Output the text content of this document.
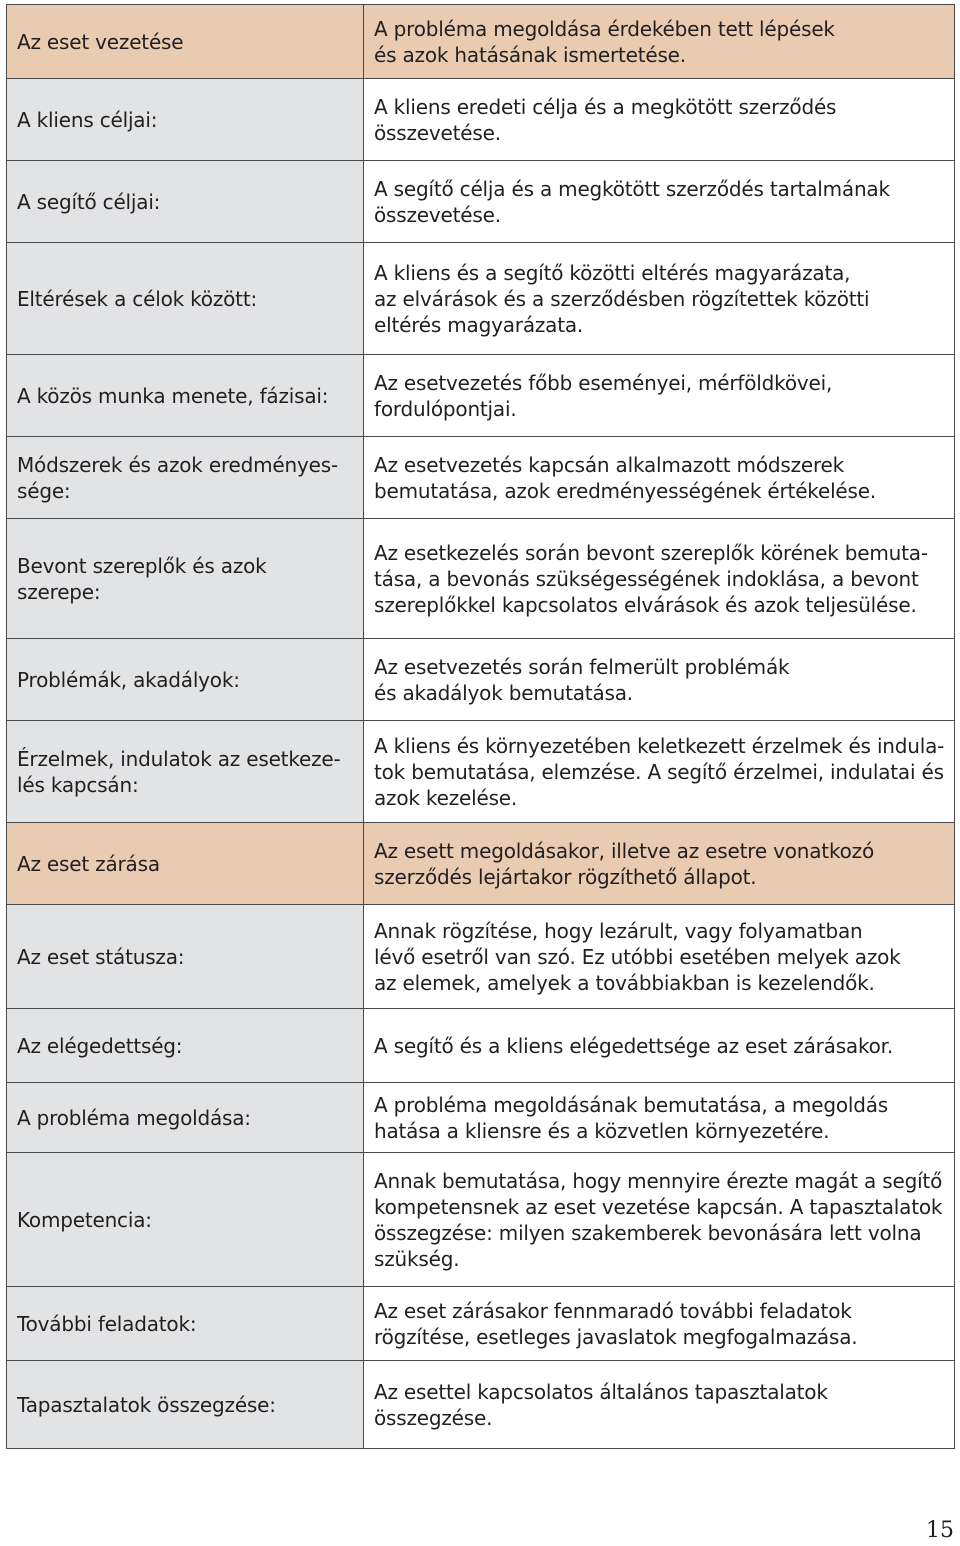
Az eset vezetése	A probléma megoldása érdekében tett lépések
és azok hatásának ismertetése.
A kliens céljai:	A kliens eredeti célja és a megkötött szerződés
összevetése.
A segítő céljai:	A segítő célja és a megkötött szerződés tartalmának
összevetése.
Eltérések a célok között:	A kliens és a segítő közötti eltérés magyarázata,
az elvárások és a szerződésben rögzítettek közötti
eltérés magyarázata.
A közös munka menete, fázisai:	Az esetvezetés főbb eseményei, mérföldkövei,
fordulópontjai.
Módszerek és azok eredményes-
sége:	Az esetvezetés kapcsán alkalmazott módszerek
bemutatása, azok eredményességének értékelése.
Bevont szereplők és azok szerepe:	Az esetkezelés során bevont szereplők körének bemuta-
tása, a bevonás szükségességének indoklása, a bevont
szereplőkkel kapcsolatos elvárások és azok teljesülése.
Problémák, akadályok:	Az esetvezetés során felmerült problémák
és akadályok bemutatása.
Érzelmek, indulatok az esetkeze-
lés kapcsán:	A kliens és környezetében keletkezett érzelmek és indula-
tok bemutatása, elemzése. A segítő érzelmei, indulatai és
azok kezelése.
Az eset zárása	Az esett megoldásakor, illetve az esetre vonatkozó
szerződés lejártakor rögzíthető állapot.
Az eset státusza:	Annak rögzítése, hogy lezárult, vagy folyamatban
lévő esetről van szó. Ez utóbbi esetében melyek azok
az elemek, amelyek a továbbiakban is kezelendők.
Az elégedettség:	A segítő és a kliens elégedettsége az eset zárásakor.
A probléma megoldása:	A probléma megoldásának bemutatása, a megoldás
hatása a kliensre és a közvetlen környezetére.
Kompetencia:	Annak bemutatása, hogy mennyire érezte magát a segítő
kompetensnek az eset vezetése kapcsán. A tapasztalatok
összegzése: milyen szakemberek bevonására lett volna
szükség.
További feladatok:	Az eset zárásakor fennmaradó további feladatok
rögzítése, esetleges javaslatok megfogalmazása.
Tapasztalatok összegzése:	Az esettel kapcsolatos általános tapasztalatok
összegzése.
15
